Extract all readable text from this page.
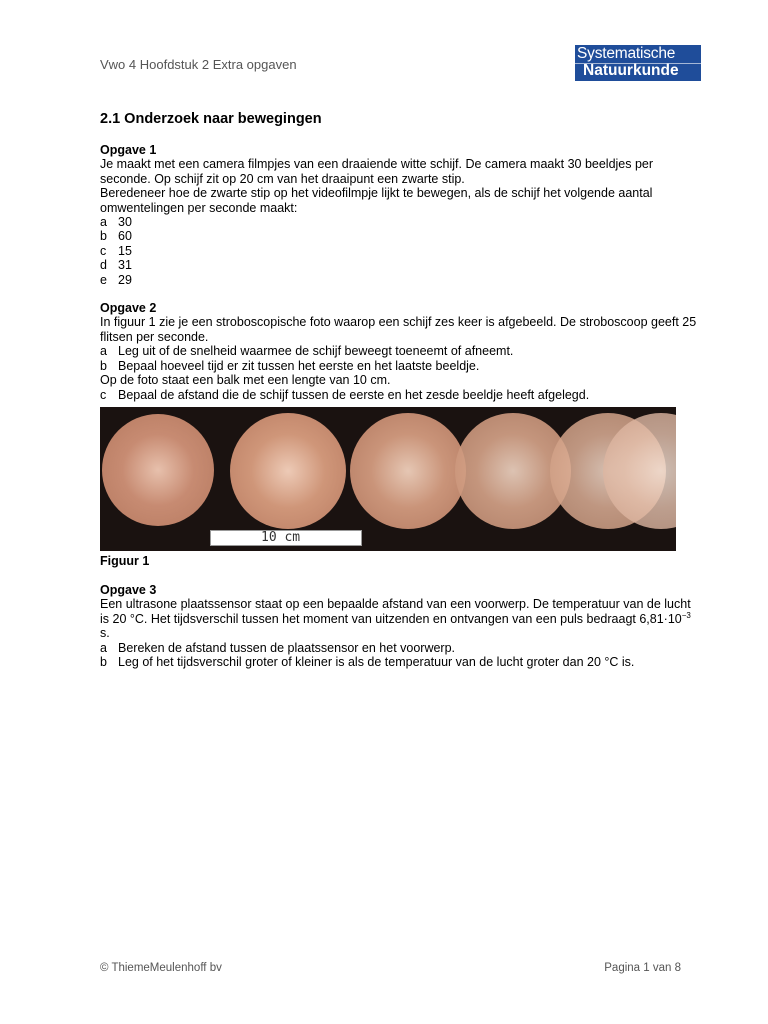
Vwo 4 Hoofdstuk 2 Extra opgaven
Systematische
Natuurkunde
2.1 Onderzoek naar bewegingen
Opgave 1
Je maakt met een camera filmpjes van een draaiende witte schijf. De camera maakt 30 beeldjes per seconde. Op schijf zit op 20 cm van het draaipunt een zwarte stip.
Beredeneer hoe de zwarte stip op het videofilmpje lijkt te bewegen, als de schijf het volgende aantal omwentelingen per seconde maakt:
a 30
b 60
c 15
d 31
e 29
Opgave 2
In figuur 1 zie je een stroboscopische foto waarop een schijf zes keer is afgebeeld. De stroboscoop geeft 25 flitsen per seconde.
a Leg uit of de snelheid waarmee de schijf beweegt toeneemt of afneemt.
b Bepaal hoeveel tijd er zit tussen het eerste en het laatste beeldje.
Op de foto staat een balk met een lengte van 10 cm.
c Bepaal de afstand die de schijf tussen de eerste en het zesde beeldje heeft afgelegd.
10 cm
Figuur 1
Opgave 3
Een ultrasone plaatssensor staat op een bepaalde afstand van een voorwerp. De temperatuur van de lucht is 20 °C. Het tijdsverschil tussen het moment van uitzenden en ontvangen van een puls bedraagt $6,81\cdot 10^{-3}$ s.
a Bereken de afstand tussen de plaatssensor en het voorwerp.
b Leg of het tijdsverschil groter of kleiner is als de temperatuur van de lucht groter dan 20 °C is.
© ThiemeMeulenhoff bv	Pagina 1 van 8
